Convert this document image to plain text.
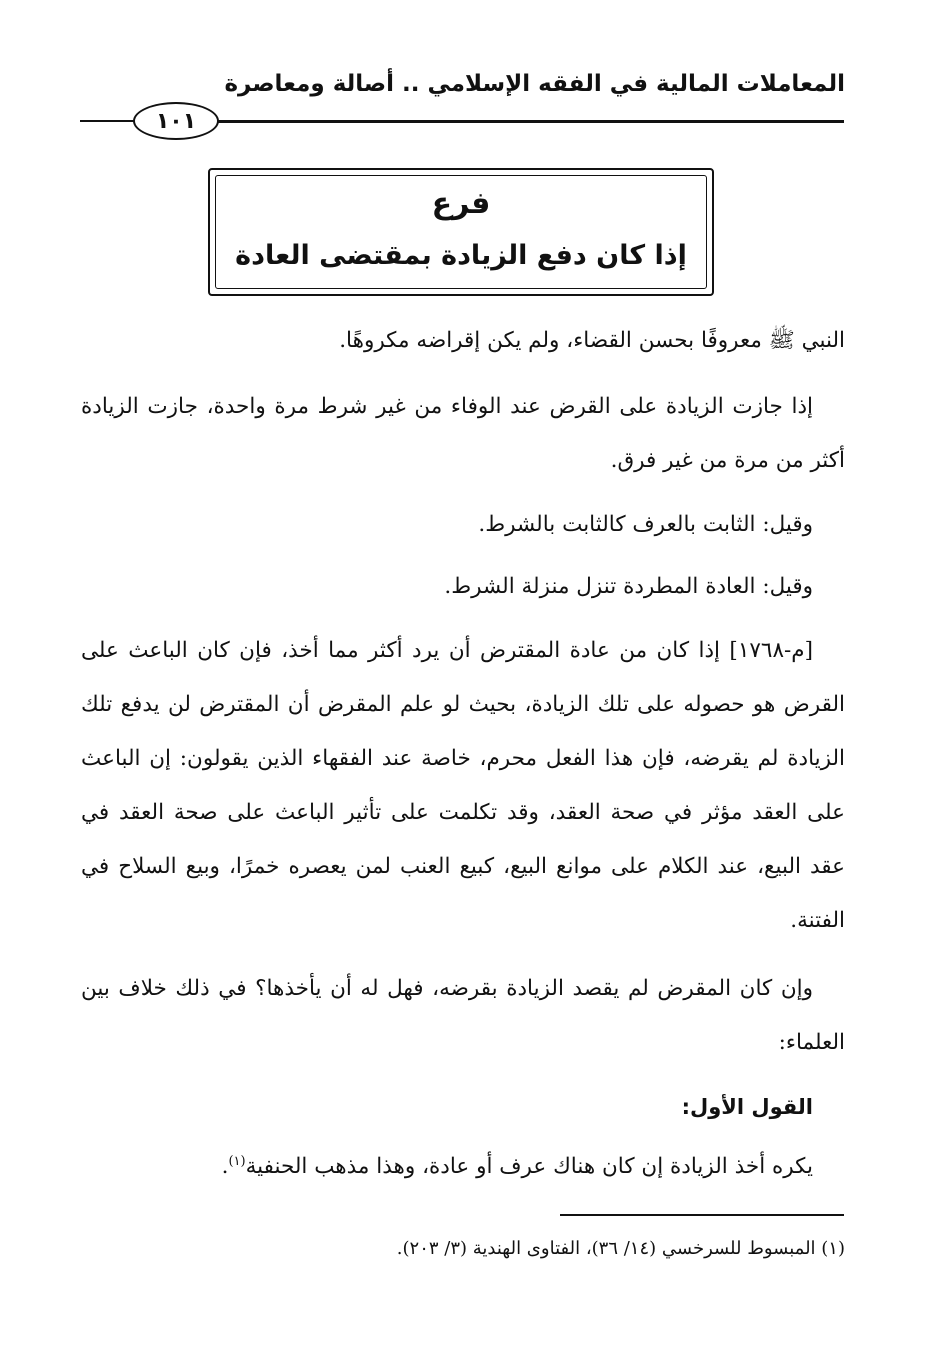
المعاملات المالية في الفقه الإسلامي .. أصالة ومعاصرة
١٠١
فرع
إذا كان دفع الزيادة بمقتضى العادة
النبي ﷺ معروفًا بحسن القضاء، ولم يكن إقراضه مكروهًا.
إذا جازت الزيادة على القرض عند الوفاء من غير شرط مرة واحدة، جازت الزيادة أكثر من مرة من غير فرق.
وقيل: الثابت بالعرف كالثابت بالشرط.
وقيل: العادة المطردة تنزل منزلة الشرط.
[م-١٧٦٨] إذا كان من عادة المقترض أن يرد أكثر مما أخذ، فإن كان الباعث على القرض هو حصوله على تلك الزيادة، بحيث لو علم المقرض أن المقترض لن يدفع تلك الزيادة لم يقرضه، فإن هذا الفعل محرم، خاصة عند الفقهاء الذين يقولون: إن الباعث على العقد مؤثر في صحة العقد، وقد تكلمت على تأثير الباعث على صحة العقد في عقد البيع، عند الكلام على موانع البيع، كبيع العنب لمن يعصره خمرًا، وبيع السلاح في الفتنة.
وإن كان المقرض لم يقصد الزيادة بقرضه، فهل له أن يأخذها؟ في ذلك خلاف بين العلماء:
القول الأول:
يكره أخذ الزيادة إن كان هناك عرف أو عادة، وهذا مذهب الحنفية$^{(١)}$.
(١) المبسوط للسرخسي (١٤/ ٣٦)، الفتاوى الهندية (٣/ ٢٠٣).
